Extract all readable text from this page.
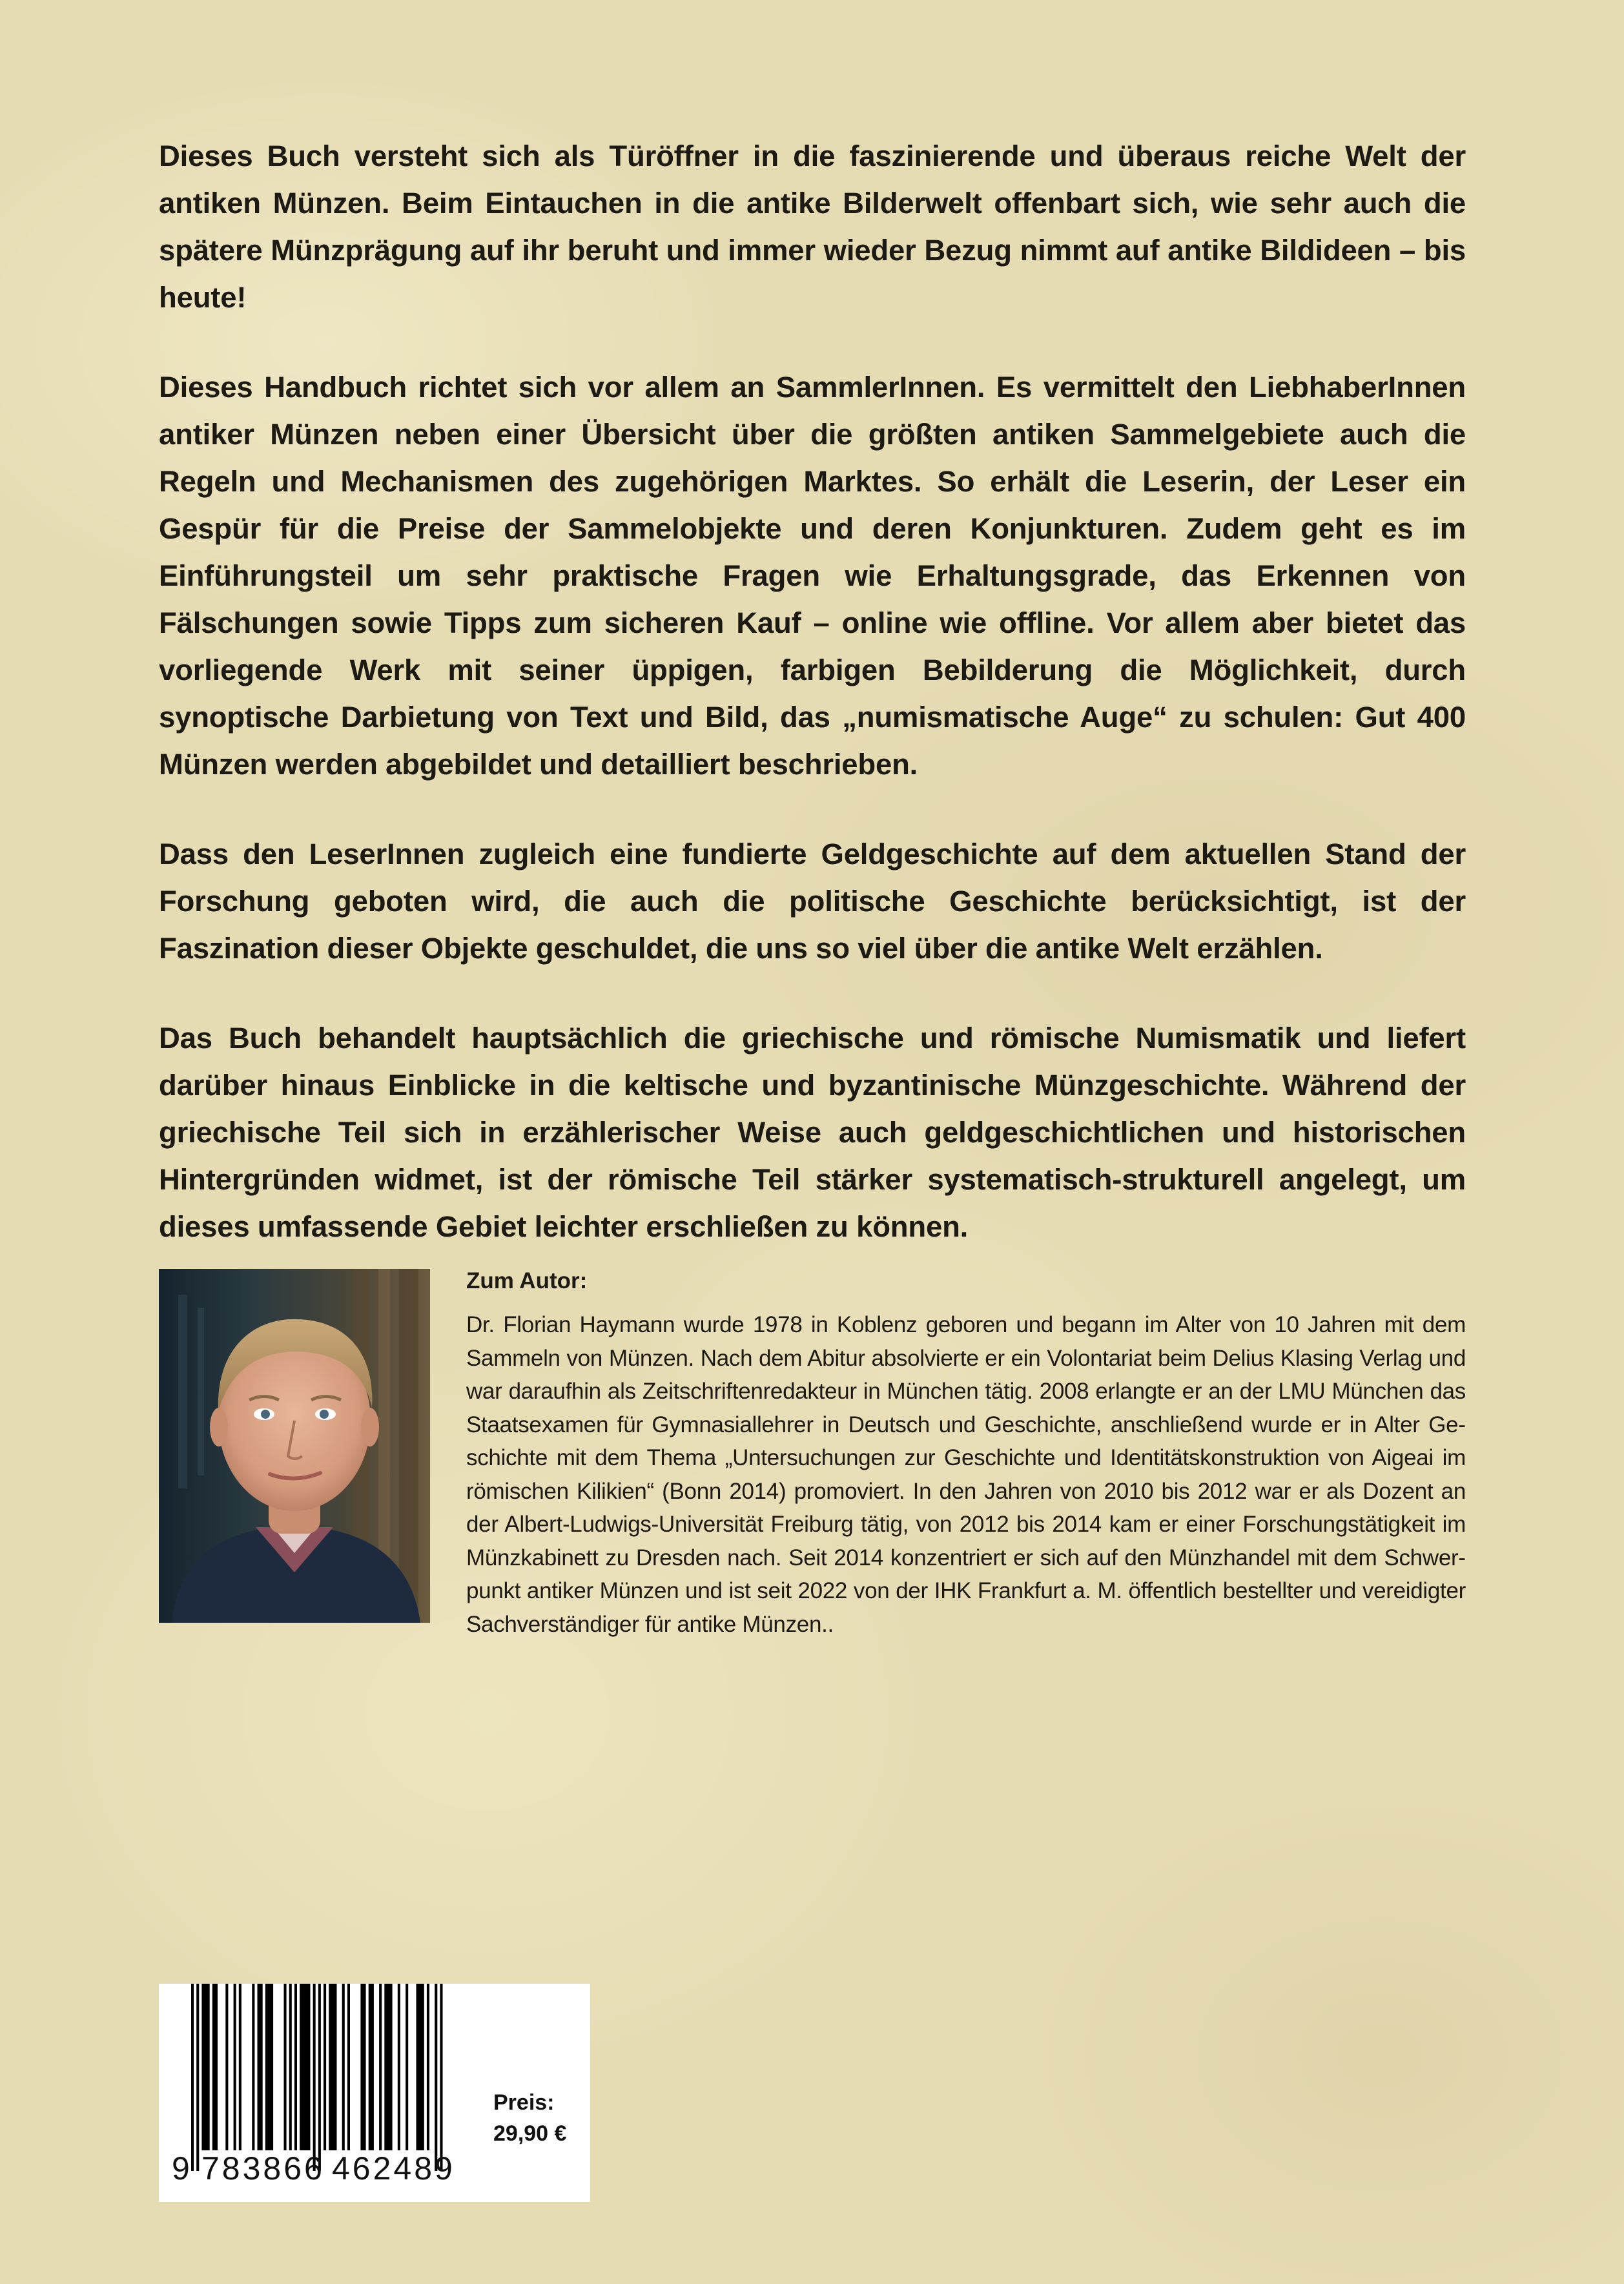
Dieses Buch versteht sich als Türöffner in die faszinierende und überaus reiche Welt der antiken Münzen. Beim Eintauchen in die antike Bilderwelt offenbart sich, wie sehr auch die spätere Münzprägung auf ihr beruht und immer wieder Bezug nimmt auf antike Bildideen – bis heute!

Dieses Handbuch richtet sich vor allem an SammlerInnen. Es vermittelt den LiebhaberInnen antiker Münzen neben einer Übersicht über die größten antiken Sammelgebiete auch die Regeln und Mechanismen des zugehörigen Marktes. So erhält die Leserin, der Leser ein Gespür für die Preise der Sammelobjekte und deren Konjunkturen. Zudem geht es im Einführungsteil um sehr praktische Fragen wie Erhaltungsgrade, das Erkennen von Fälschungen sowie Tipps zum sicheren Kauf – online wie offline. Vor allem aber bietet das vorliegende Werk mit seiner üppigen, farbigen Bebilderung die Möglichkeit, durch synoptische Darbietung von Text und Bild, das „numismatische Auge“ zu schulen: Gut 400 Münzen werden abgebildet und detailliert beschrieben.

Dass den LeserInnen zugleich eine fundierte Geldgeschichte auf dem aktuellen Stand der Forschung geboten wird, die auch die politische Geschichte berücksichtigt, ist der Faszination dieser Objekte geschuldet, die uns so viel über die antike Welt erzählen.

Das Buch behandelt hauptsächlich die griechische und römische Numismatik und liefert darüber hinaus Einblicke in die keltische und byzantinische Münzgeschichte. Während der griechische Teil sich in erzählerischer Weise auch geldgeschichtlichen und historischen Hintergründen widmet, ist der römische Teil stärker systematisch-strukturell angelegt, um dieses umfassende Gebiet leichter erschließen zu können.

Zum Autor:

Dr. Florian Haymann wurde 1978 in Koblenz geboren und begann im Alter von 10 Jahren mit dem Sammeln von Münzen. Nach dem Abitur absolvierte er ein Volontariat beim Delius Klasing Verlag und war daraufhin als Zeitschriftenredakteur in München tätig. 2008 erlangte er an der LMU München das Staatsexamen für Gymnasiallehrer in Deutsch und Geschichte, anschließend wurde er in Alter Geschichte mit dem Thema „Untersuchungen zur Geschichte und Identitätskonstruktion von Aigeai im römischen Kilikien“ (Bonn 2014) promoviert. In den Jahren von 2010 bis 2012 war er als Dozent an der Albert-Ludwigs-Universität Freiburg tätig, von 2012 bis 2014 kam er einer Forschungstätigkeit im Münzkabinett zu Dresden nach. Seit 2014 konzentriert er sich auf den Münzhandel mit dem Schwerpunkt antiker Münzen und ist seit 2022 von der IHK Frankfurt a. M. öffentlich bestellter und vereidigter Sachverständiger für antike Münzen..

9 783866 462489
Preis:
29,90 €
